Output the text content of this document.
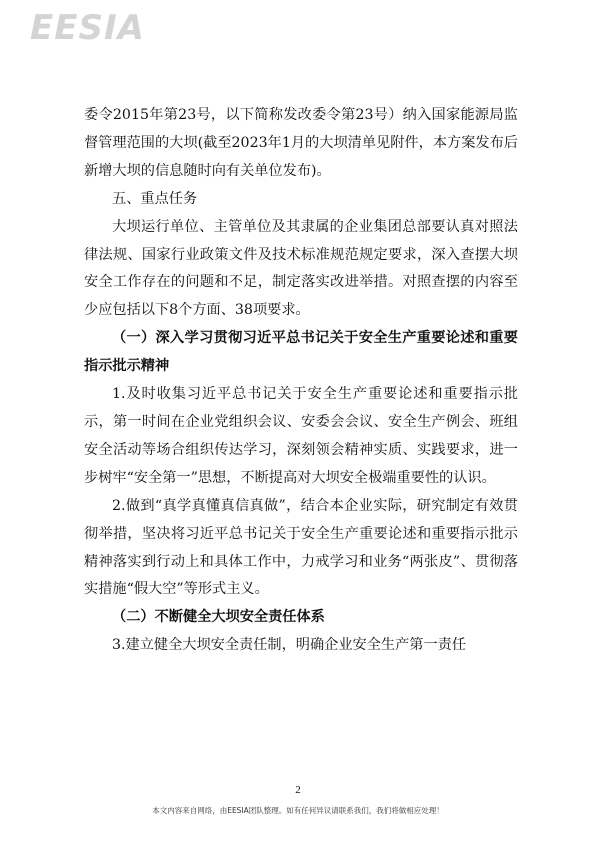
EESIA

委令2015年第23号，以下简称发改委令第23号）纳入国家能源局监督管理范围的大坝(截至2023年1月的大坝清单见附件，本方案发布后新增大坝的信息随时向有关单位发布)。

五、重点任务

大坝运行单位、主管单位及其隶属的企业集团总部要认真对照法律法规、国家行业政策文件及技术标准规范规定要求，深入查摆大坝安全工作存在的问题和不足，制定落实改进举措。对照查摆的内容至少应包括以下8个方面、38项要求。

（一）深入学习贯彻习近平总书记关于安全生产重要论述和重要指示批示精神

1.及时收集习近平总书记关于安全生产重要论述和重要指示批示，第一时间在企业党组织会议、安委会会议、安全生产例会、班组安全活动等场合组织传达学习，深刻领会精神实质、实践要求，进一步树牢“安全第一”思想，不断提高对大坝安全极端重要性的认识。

2.做到“真学真懂真信真做”，结合本企业实际，研究制定有效贯彻举措，坚决将习近平总书记关于安全生产重要论述和重要指示批示精神落实到行动上和具体工作中，力戒学习和业务“两张皮”、贯彻落实措施“假大空”等形式主义。

（二）不断健全大坝安全责任体系

3.建立健全大坝安全责任制，明确企业安全生产第一责任

2
本文内容来自网络，由EESIA团队整理。如有任何异议请联系我们，我们将做相应处理！
